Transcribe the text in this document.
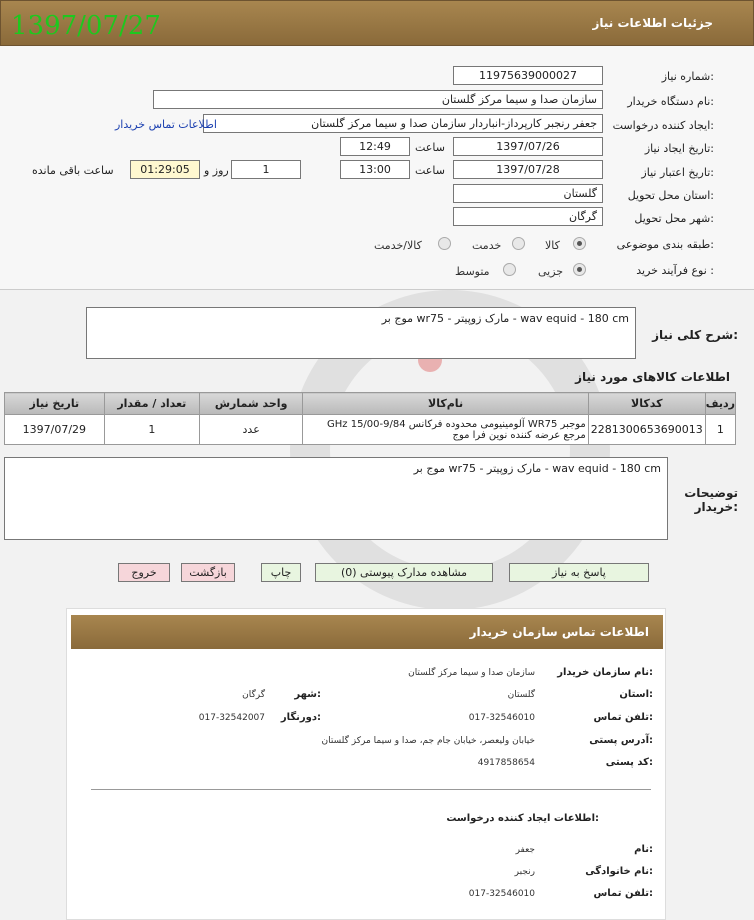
1397/07/27	جزئیات اطلاعات نیاز
شماره نیاز:
11975639000027
نام دستگاه خریدار:
سازمان صدا و سیما مرکز گلستان
ایجاد کننده درخواست:
جعفر رنجبر کارپرداز-انباردار سازمان صدا و سیما مرکز گلستان
اطلاعات تماس خریدار
تاریخ ایجاد نیاز:
1397/07/26
ساعت
12:49
تاریخ اعتبار نیاز:
1397/07/28
ساعت
13:00
1
روز و
01:29:05
ساعت باقی مانده
استان محل تحویل:
گلستان
شهر محل تحویل:
گرگان
طبقه بندی موضوعی:
کالا
خدمت
کالا/خدمت
نوع فرآیند خرید :
جزیی
متوسط
شرح کلی نیاز:
موج بر wr75 - مارک زوپیتر - wav equid - 180 cm
اطلاعات کالاهای مورد نیاز
ردیف	کدکالا	نام‌کالا	واحد شمارش	تعداد / مقدار	تاریخ نیاز
1	2281300653690013	موجبر WR75 آلومینیومی محدوده فرکانس 9/84-15/00 GHz مرجع عرضه کننده نوین فرا موج	عدد	1	1397/07/29
توضیحات خریدار:
موج بر wr75 - مارک زوپیتر - wav equid - 180 cm
پاسخ به نیاز
مشاهده مدارک پیوستی (0)
چاپ
بازگشت
خروج
اطلاعات تماس سازمان خریدار
نام سازمان خریدار:
سازمان صدا و سیما مرکز گلستان
استان:
گلستان
شهر:
گرگان
تلفن تماس:
017-32546010
دورنگار:
017-32542007
آدرس پستی:
خیابان ولیعصر، خیابان جام جم، صدا و سیما مرکز گلستان
کد پستی:
4917858654
اطلاعات ایجاد کننده درخواست:
نام:
جعفر
نام خانوادگی:
رنجبر
تلفن تماس:
017-32546010
